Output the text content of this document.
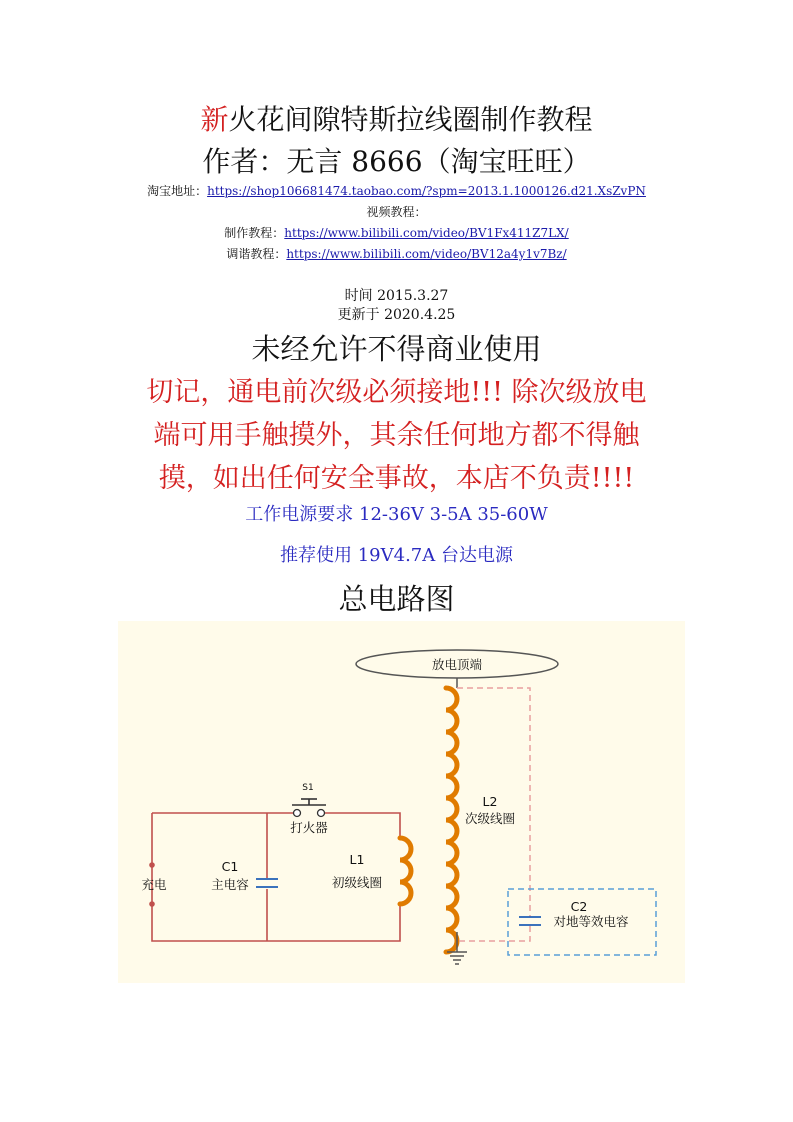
新火花间隙特斯拉线圈制作教程
作者：无言 8666（淘宝旺旺）
淘宝地址：https://shop106681474.taobao.com/?spm=2013.1.1000126.d21.XsZvPN
视频教程：
制作教程：https://www.bilibili.com/video/BV1Fx411Z7LX/
调谐教程：https://www.bilibili.com/video/BV12a4y1v7Bz/
时间 2015.3.27
更新于 2020.4.25
未经允许不得商业使用
切记，通电前次级必须接地!!! 除次级放电
端可用手触摸外，其余任何地方都不得触
摸，如出任何安全事故，本店不负责!!!!
工作电源要求 12-36V 3-5A 35-60W
推荐使用 19V4.7A 台达电源
总电路图
放电顶端
S1
打火器
L1
初级线圈
C1
主电容
充电
L2
次级线圈
C2
对地等效电容
